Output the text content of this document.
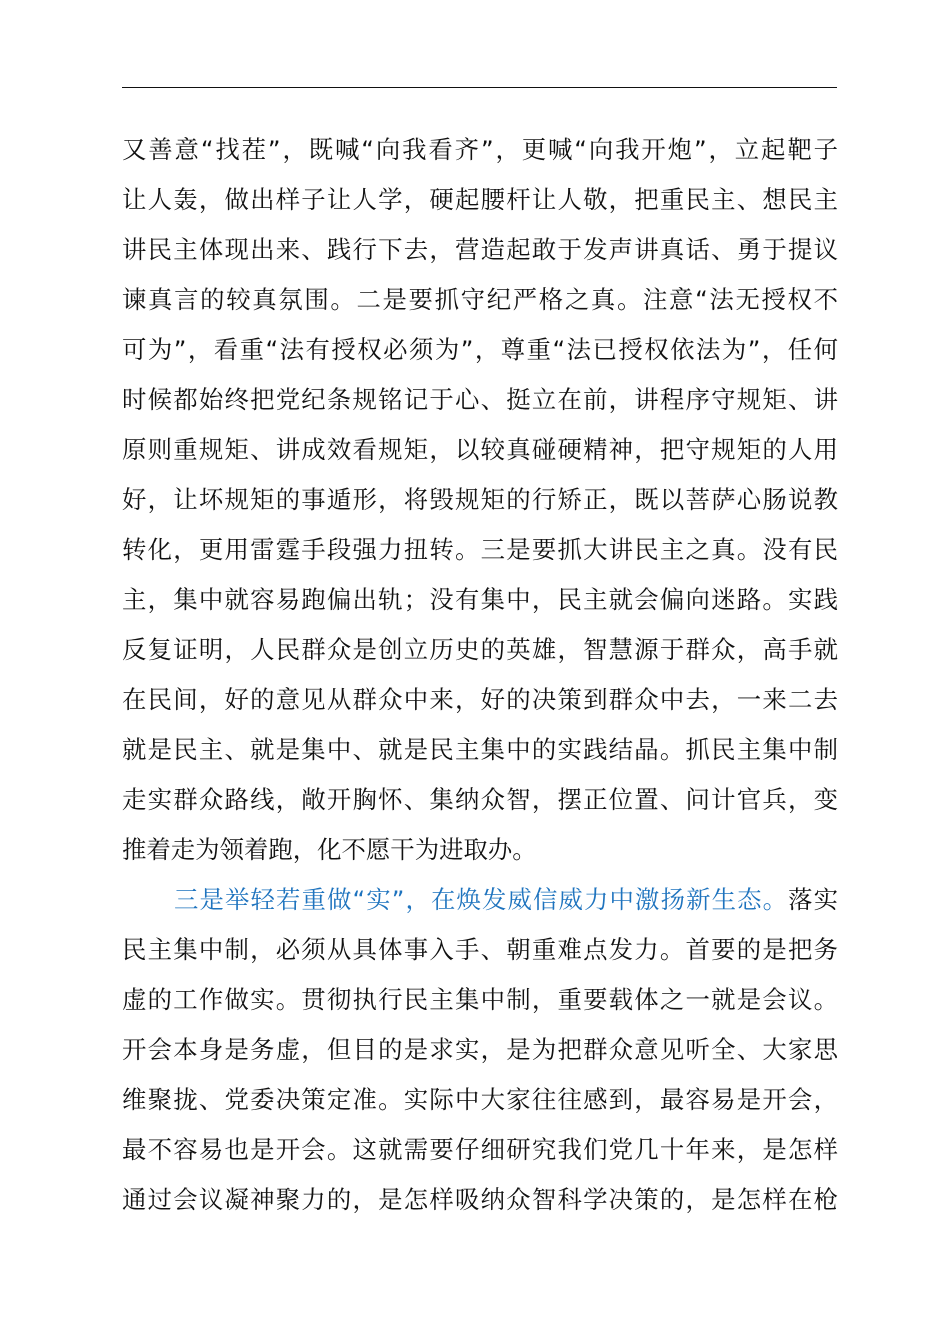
又善意“找茬”，既喊“向我看齐”，更喊“向我开炮”，立起靶子
让人轰，做出样子让人学，硬起腰杆让人敬，把重民主、想民主
讲民主体现出来、践行下去，营造起敢于发声讲真话、勇于提议
谏真言的较真氛围。二是要抓守纪严格之真。注意“法无授权不
可为”，看重“法有授权必须为”，尊重“法已授权依法为”，任何
时候都始终把党纪条规铭记于心、挺立在前，讲程序守规矩、讲
原则重规矩、讲成效看规矩，以较真碰硬精神，把守规矩的人用
好，让坏规矩的事遁形，将毁规矩的行矫正，既以菩萨心肠说教
转化，更用雷霆手段强力扭转。三是要抓大讲民主之真。没有民
主，集中就容易跑偏出轨；没有集中，民主就会偏向迷路。实践
反复证明，人民群众是创立历史的英雄，智慧源于群众，高手就
在民间，好的意见从群众中来，好的决策到群众中去，一来二去
就是民主、就是集中、就是民主集中的实践结晶。抓民主集中制
走实群众路线，敞开胸怀、集纳众智，摆正位置、问计官兵，变
推着走为领着跑，化不愿干为进取办。
三是举轻若重做“实”，在焕发威信威力中激扬新生态。落实
民主集中制，必须从具体事入手、朝重难点发力。首要的是把务
虚的工作做实。贯彻执行民主集中制，重要载体之一就是会议。
开会本身是务虚，但目的是求实，是为把群众意见听全、大家思
维聚拢、党委决策定准。实际中大家往往感到，最容易是开会，
最不容易也是开会。这就需要仔细研究我们党几十年来，是怎样
通过会议凝神聚力的，是怎样吸纳众智科学决策的，是怎样在枪
